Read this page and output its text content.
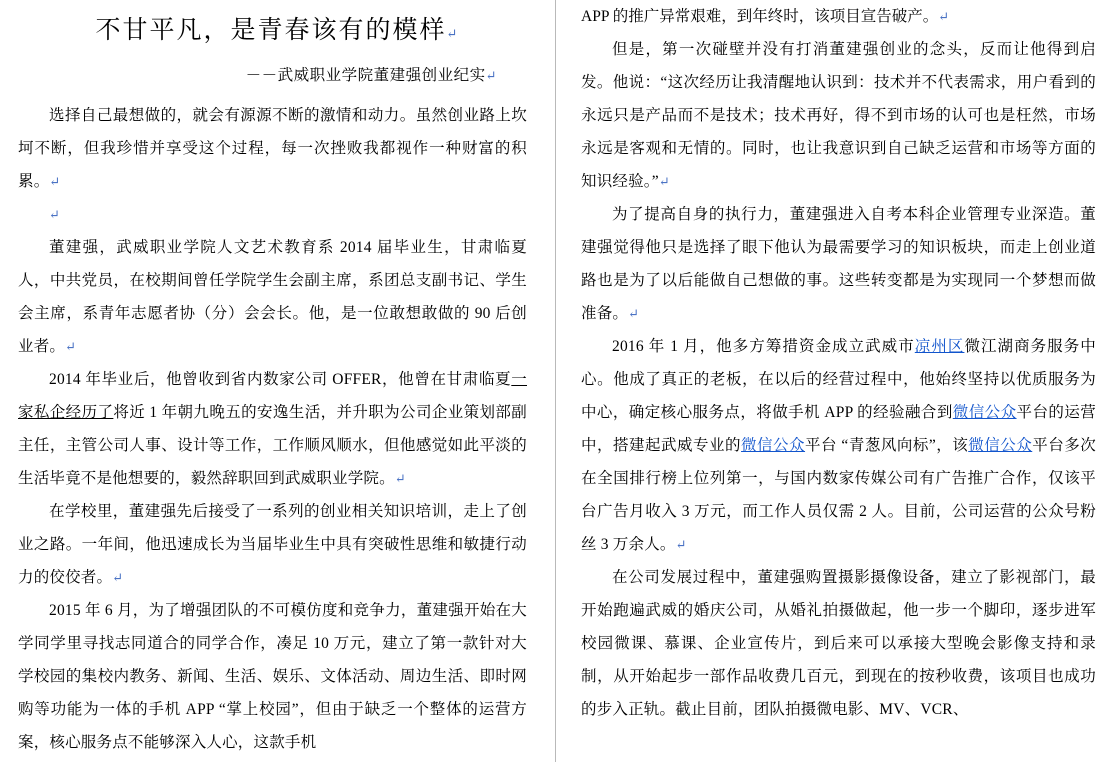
不甘平凡，是青春该有的模样↵
－－武威职业学院董建强创业纪实↵

选择自己最想做的，就会有源源不断的激情和动力。虽然创业路上坎坷不断，但我珍惜并享受这个过程，每一次挫败我都视作一种财富的积累。↵

↵

董建强，武威职业学院人文艺术教育系 2014 届毕业生，甘肃临夏人，中共党员，在校期间曾任学院学生会副主席，系团总支副书记、学生会主席，系青年志愿者协（分）会会长。他，是一位敢想敢做的 90 后创业者。↵

2014 年毕业后，他曾收到省内数家公司 OFFER，他曾在甘肃临夏一家私企经历了将近 1 年朝九晚五的安逸生活，并升职为公司企业策划部副主任，主管公司人事、设计等工作，工作顺风顺水，但他感觉如此平淡的生活毕竟不是他想要的，毅然辞职回到武威职业学院。↵

在学校里，董建强先后接受了一系列的创业相关知识培训，走上了创业之路。一年间，他迅速成长为当届毕业生中具有突破性思维和敏捷行动力的佼佼者。↵

2015 年 6 月，为了增强团队的不可模仿度和竞争力，董建强开始在大学同学里寻找志同道合的同学合作，凑足 10 万元，建立了第一款针对大学校园的集校内教务、新闻、生活、娱乐、文体活动、周边生活、即时网购等功能为一体的手机 APP “掌上校园”，但由于缺乏一个整体的运营方案，核心服务点不能够深入人心，这款手机

APP 的推广异常艰难，到年终时，该项目宣告破产。↵

但是，第一次碰壁并没有打消董建强创业的念头，反而让他得到启发。他说：“这次经历让我清醒地认识到：技术并不代表需求，用户看到的永远只是产品而不是技术；技术再好，得不到市场的认可也是枉然，市场永远是客观和无情的。同时，也让我意识到自己缺乏运营和市场等方面的知识经验。”↵

为了提高自身的执行力，董建强进入自考本科企业管理专业深造。董建强觉得他只是选择了眼下他认为最需要学习的知识板块，而走上创业道路也是为了以后能做自己想做的事。这些转变都是为实现同一个梦想而做准备。↵

2016 年 1 月，他多方筹措资金成立武威市凉州区微江湖商务服务中心。他成了真正的老板，在以后的经营过程中，他始终坚持以优质服务为中心，确定核心服务点，将做手机 APP 的经验融合到微信公众平台的运营中，搭建起武威专业的微信公众平台 “青葱风向标”，该微信公众平台多次在全国排行榜上位列第一，与国内数家传媒公司有广告推广合作，仅该平台广告月收入 3 万元，而工作人员仅需 2 人。目前，公司运营的公众号粉丝 3 万余人。↵

在公司发展过程中，董建强购置摄影摄像设备，建立了影视部门，最开始跑遍武威的婚庆公司，从婚礼拍摄做起，他一步一个脚印，逐步进军校园微课、慕课、企业宣传片，到后来可以承接大型晚会影像支持和录制，从开始起步一部作品收费几百元，到现在的按秒收费，该项目也成功的步入正轨。截止目前，团队拍摄微电影、MV、VCR、
